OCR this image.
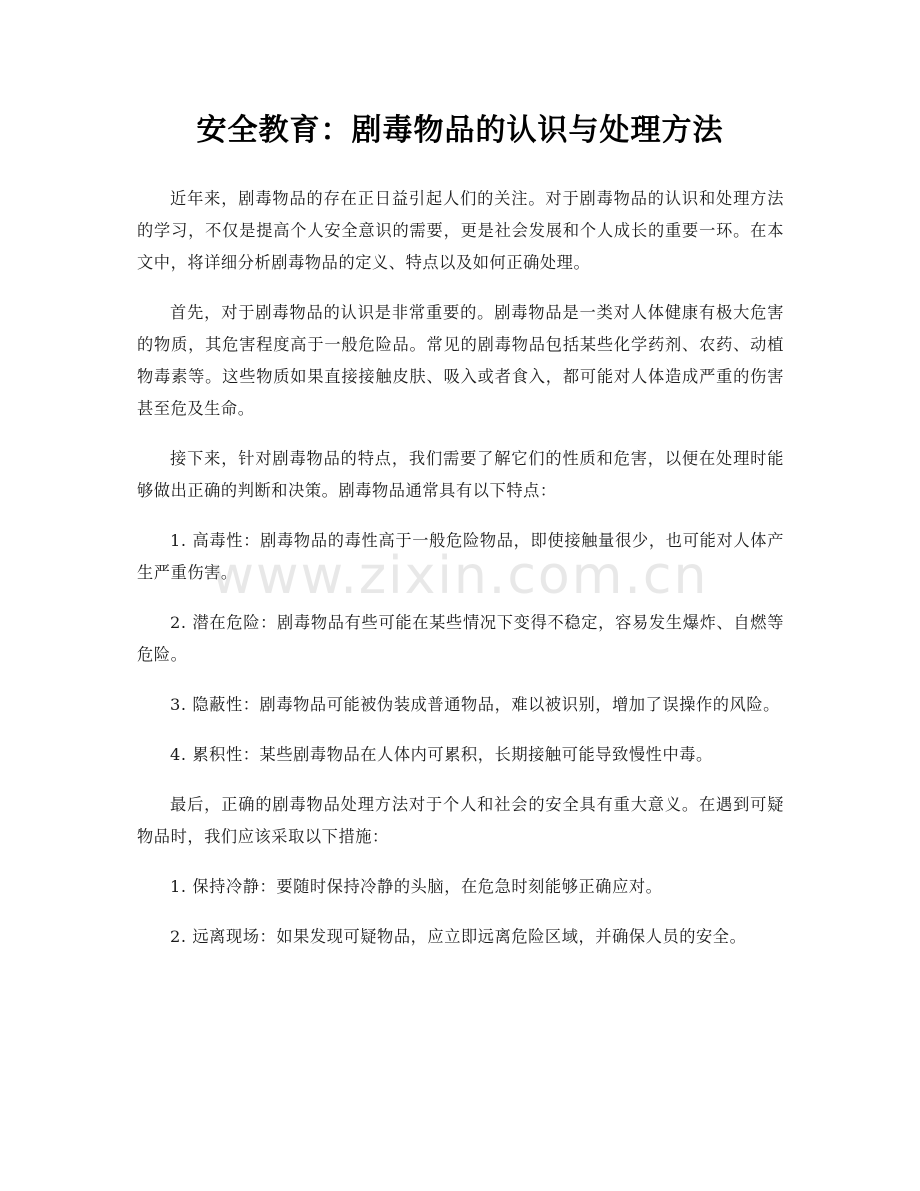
安全教育：剧毒物品的认识与处理方法

近年来，剧毒物品的存在正日益引起人们的关注。对于剧毒物品的认识和处理方法的学习，不仅是提高个人安全意识的需要，更是社会发展和个人成长的重要一环。在本文中，将详细分析剧毒物品的定义、特点以及如何正确处理。

首先，对于剧毒物品的认识是非常重要的。剧毒物品是一类对人体健康有极大危害的物质，其危害程度高于一般危险品。常见的剧毒物品包括某些化学药剂、农药、动植物毒素等。这些物质如果直接接触皮肤、吸入或者食入，都可能对人体造成严重的伤害甚至危及生命。

接下来，针对剧毒物品的特点，我们需要了解它们的性质和危害，以便在处理时能够做出正确的判断和决策。剧毒物品通常具有以下特点：

1. 高毒性：剧毒物品的毒性高于一般危险物品，即使接触量很少，也可能对人体产生严重伤害。

2. 潜在危险：剧毒物品有些可能在某些情况下变得不稳定，容易发生爆炸、自燃等危险。

3. 隐蔽性：剧毒物品可能被伪装成普通物品，难以被识别，增加了误操作的风险。

4. 累积性：某些剧毒物品在人体内可累积，长期接触可能导致慢性中毒。

最后，正确的剧毒物品处理方法对于个人和社会的安全具有重大意义。在遇到可疑物品时，我们应该采取以下措施：

1. 保持冷静：要随时保持冷静的头脑，在危急时刻能够正确应对。

2. 远离现场：如果发现可疑物品，应立即远离危险区域，并确保人员的安全。

www.zixin.com.cn
